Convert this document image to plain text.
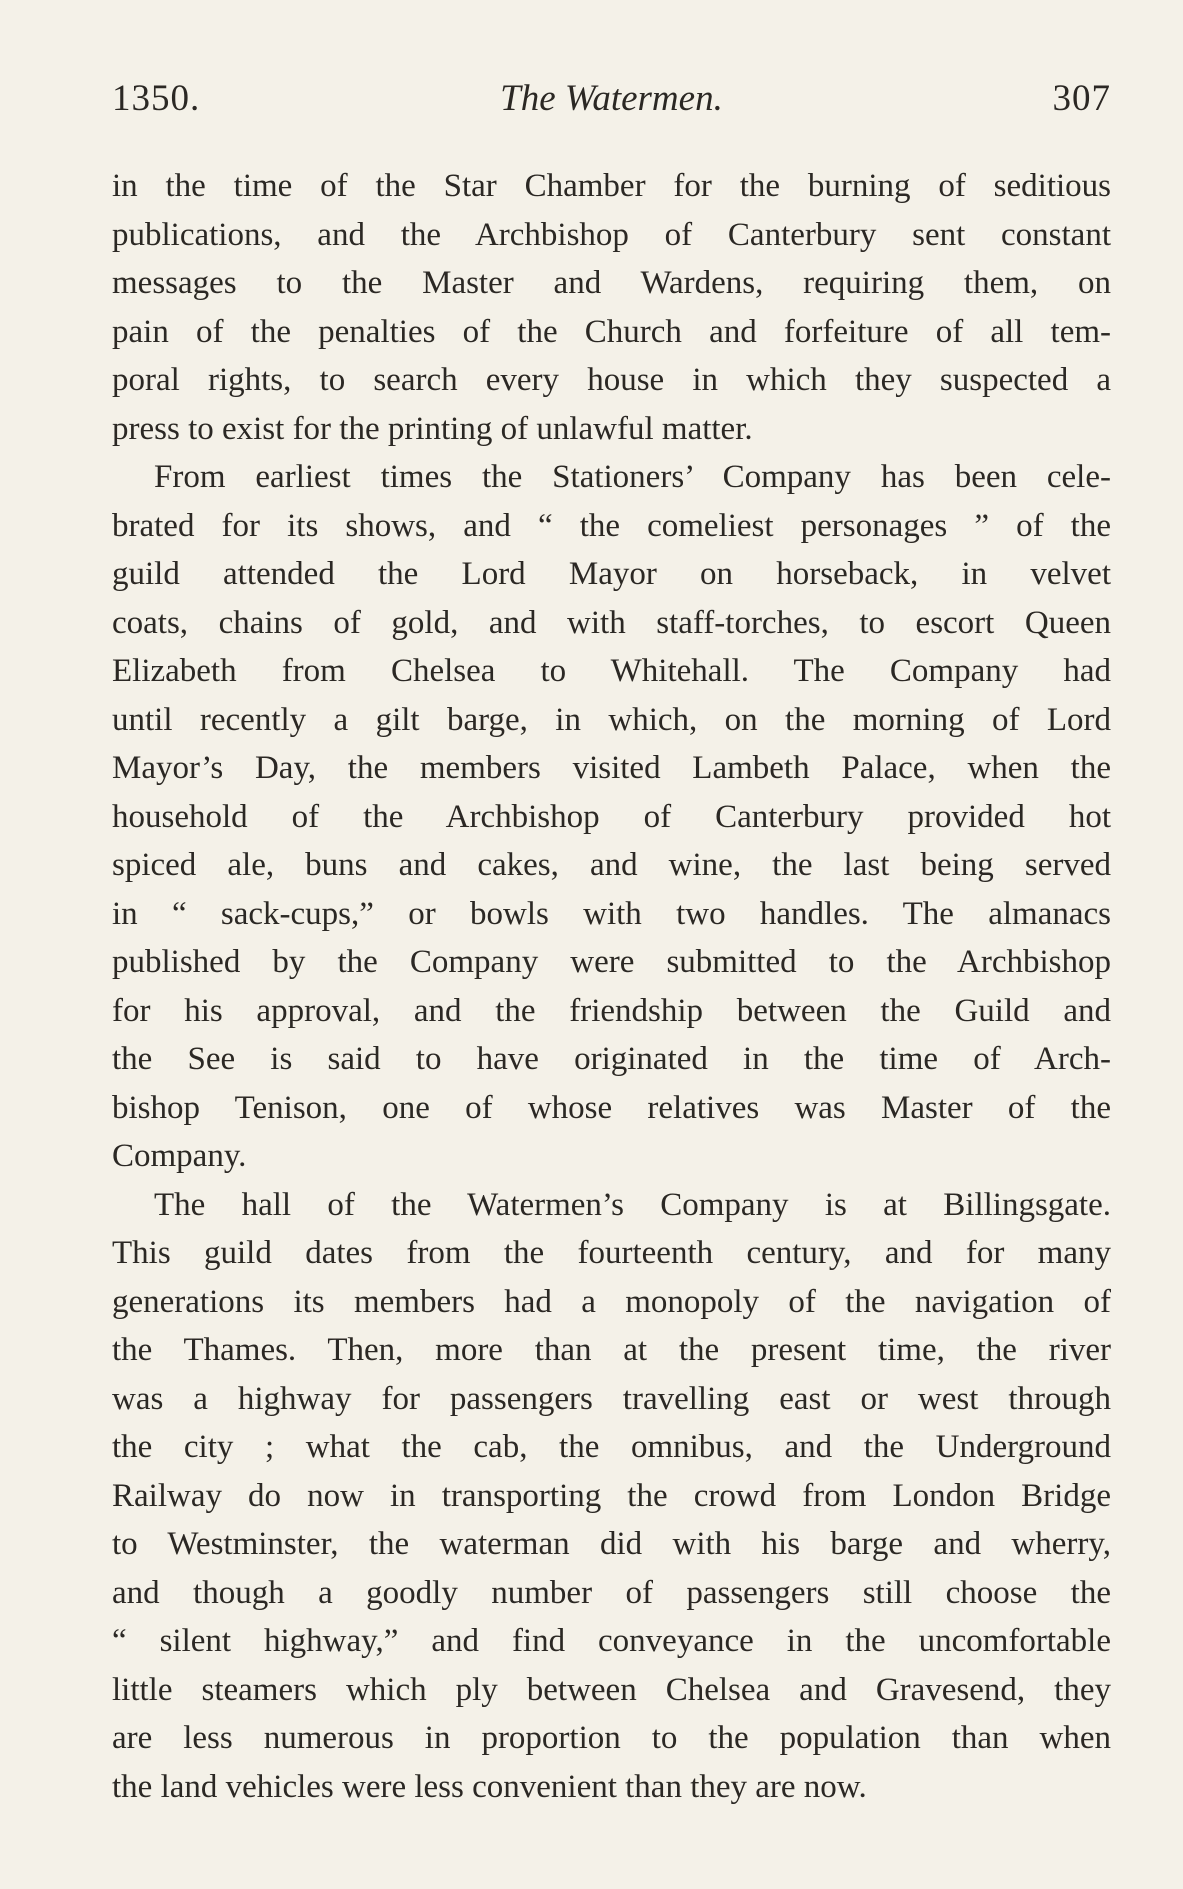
1350.	The Watermen.	307
in the time of the Star Chamber for the burning of seditious
publications, and the Archbishop of Canterbury sent constant
messages to the Master and Wardens, requiring them, on
pain of the penalties of the Church and forfeiture of all tem-
poral rights, to search every house in which they suspected a
press to exist for the printing of unlawful matter.
From earliest times the Stationers’ Company has been cele-
brated for its shows, and “ the comeliest personages ” of the
guild attended the Lord Mayor on horseback, in velvet
coats, chains of gold, and with staff-torches, to escort Queen
Elizabeth from Chelsea to Whitehall. The Company had
until recently a gilt barge, in which, on the morning of Lord
Mayor’s Day, the members visited Lambeth Palace, when the
household of the Archbishop of Canterbury provided hot
spiced ale, buns and cakes, and wine, the last being served
in “ sack-cups,” or bowls with two handles. The almanacs
published by the Company were submitted to the Archbishop
for his approval, and the friendship between the Guild and
the See is said to have originated in the time of Arch-
bishop Tenison, one of whose relatives was Master of the
Company.
The hall of the Watermen’s Company is at Billingsgate.
This guild dates from the fourteenth century, and for many
generations its members had a monopoly of the navigation of
the Thames. Then, more than at the present time, the river
was a highway for passengers travelling east or west through
the city ; what the cab, the omnibus, and the Underground
Railway do now in transporting the crowd from London Bridge
to Westminster, the waterman did with his barge and wherry,
and though a goodly number of passengers still choose the
“ silent highway,” and find conveyance in the uncomfortable
little steamers which ply between Chelsea and Gravesend, they
are less numerous in proportion to the population than when
the land vehicles were less convenient than they are now.
